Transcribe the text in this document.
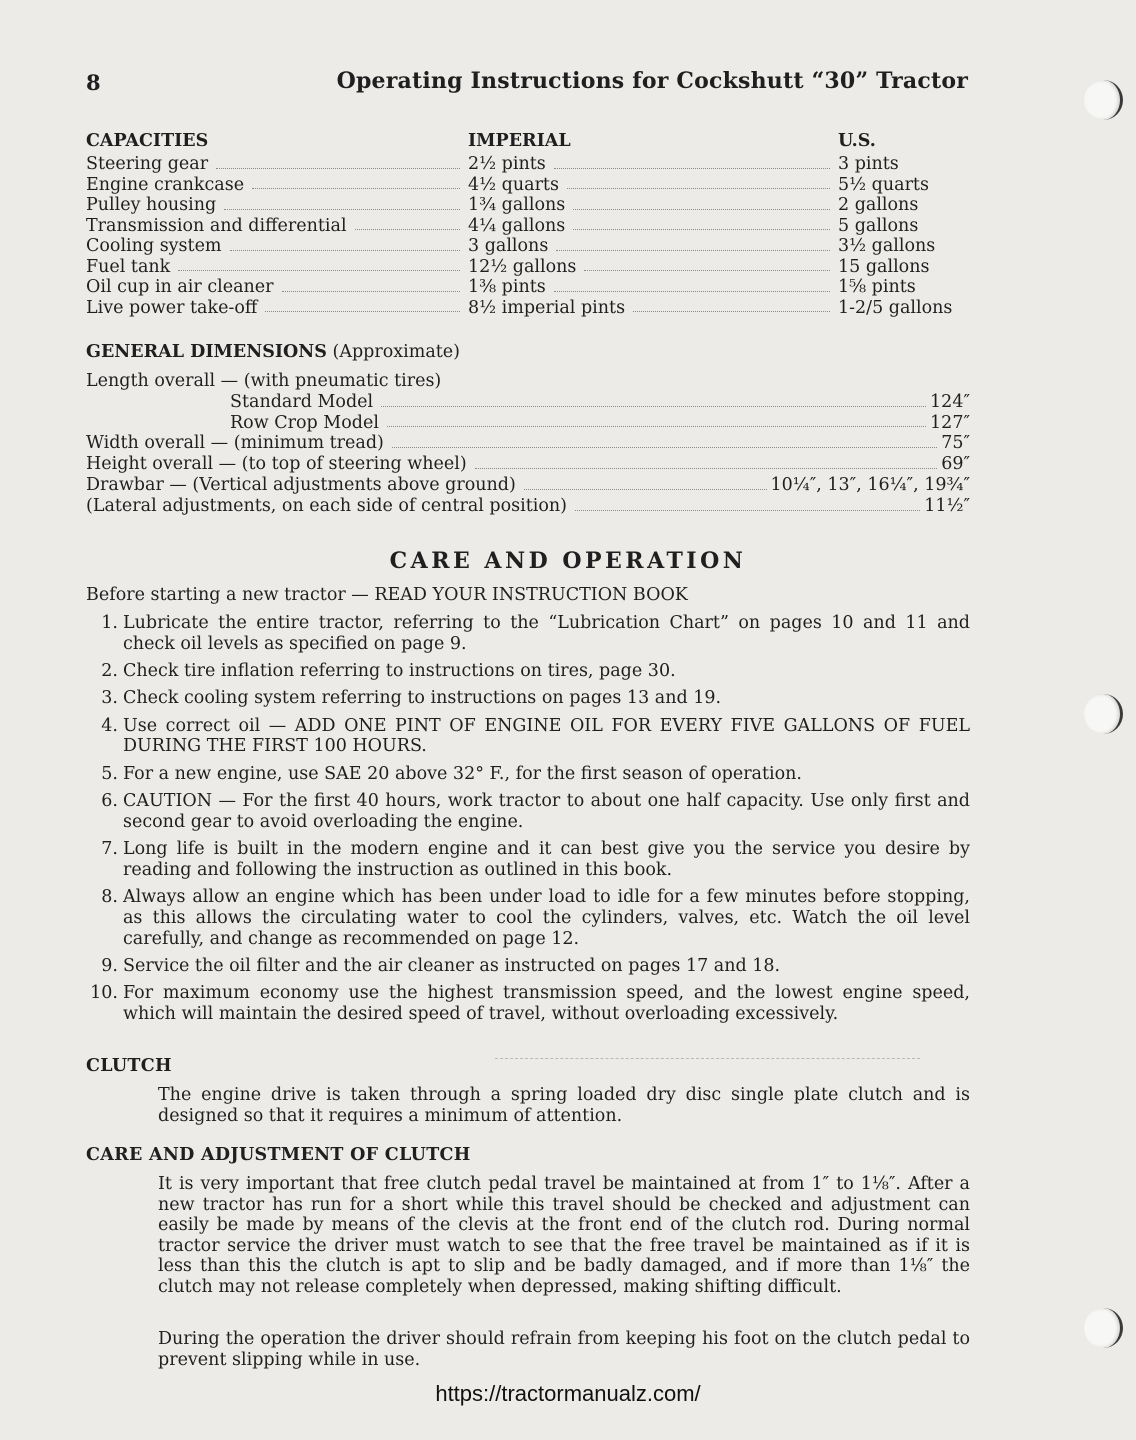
8	Operating Instructions for Cockshutt “30” Tractor
CAPACITIES	IMPERIAL	U.S.
Steering gear	2½ pints	3 pints
Engine crankcase	4½ quarts	5½ quarts
Pulley housing	1¾ gallons	2 gallons
Transmission and differential	4¼ gallons	5 gallons
Cooling system	3 gallons	3½ gallons
Fuel tank	12½ gallons	15 gallons
Oil cup in air cleaner	1⅜ pints	1⅝ pints
Live power take-off	8½ imperial pints	1-2/5 gallons
GENERAL DIMENSIONS (Approximate)
Length overall — (with pneumatic tires)
Standard Model	124″
Row Crop Model	127″
Width overall — (minimum tread)	75″
Height overall — (to top of steering wheel)	69″
Drawbar — (Vertical adjustments above ground)	10¼″, 13″, 16¼″, 19¾″
(Lateral adjustments, on each side of central position)	11½″
CARE AND OPERATION
Before starting a new tractor — READ YOUR INSTRUCTION BOOK
1. Lubricate the entire tractor, referring to the “Lubrication Chart” on pages 10 and 11 and check oil levels as specified on page 9.
2. Check tire inflation referring to instructions on tires, page 30.
3. Check cooling system referring to instructions on pages 13 and 19.
4. Use correct oil — ADD ONE PINT OF ENGINE OIL FOR EVERY FIVE GALLONS OF FUEL DURING THE FIRST 100 HOURS.
5. For a new engine, use SAE 20 above 32° F., for the first season of operation.
6. CAUTION — For the first 40 hours, work tractor to about one half capacity. Use only first and second gear to avoid overloading the engine.
7. Long life is built in the modern engine and it can best give you the service you desire by reading and following the instruction as outlined in this book.
8. Always allow an engine which has been under load to idle for a few minutes before stopping, as this allows the circulating water to cool the cylinders, valves, etc. Watch the oil level carefully, and change as recommended on page 12.
9. Service the oil filter and the air cleaner as instructed on pages 17 and 18.
10. For maximum economy use the highest transmission speed, and the lowest engine speed, which will maintain the desired speed of travel, without overloading excessively.
CLUTCH
The engine drive is taken through a spring loaded dry disc single plate clutch and is designed so that it requires a minimum of attention.
CARE AND ADJUSTMENT OF CLUTCH
It is very important that free clutch pedal travel be maintained at from 1″ to 1⅛″. After a new tractor has run for a short while this travel should be checked and adjustment can easily be made by means of the clevis at the front end of the clutch rod. During normal tractor service the driver must watch to see that the free travel be maintained as if it is less than this the clutch is apt to slip and be badly damaged, and if more than 1⅛″ the clutch may not release completely when depressed, making shifting difficult.
During the operation the driver should refrain from keeping his foot on the clutch pedal to prevent slipping while in use.
https://tractormanualz.com/
